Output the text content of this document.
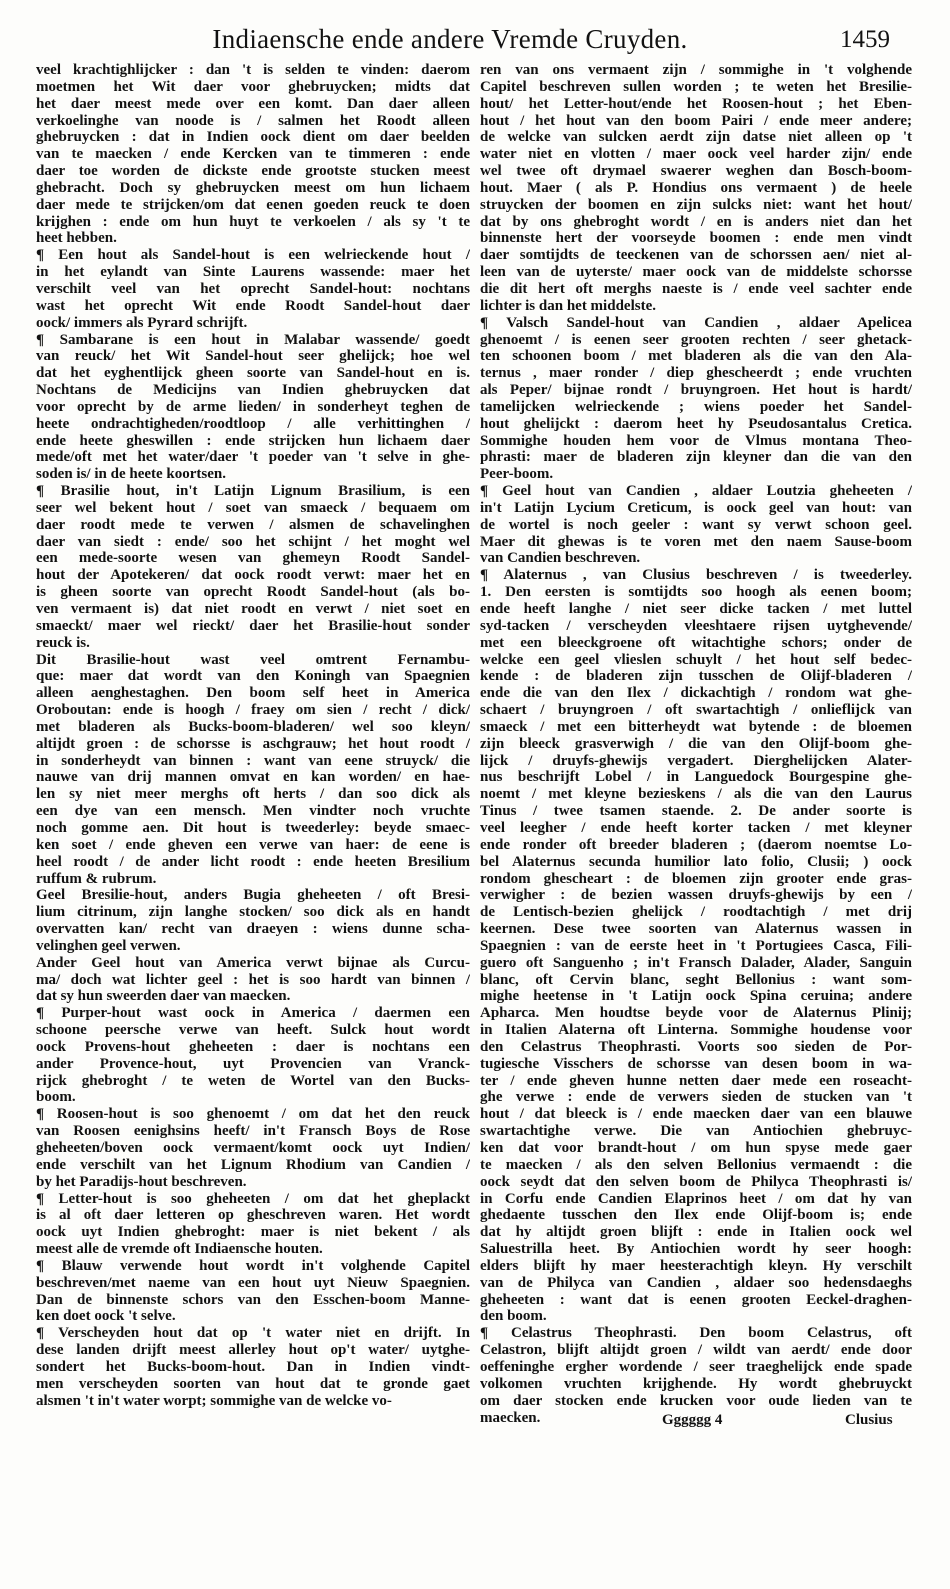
Indiaensche ende andere Vremde Cruyden.	1459
veel krachtighlijcker : dan 't is selden te vinden: daerom
moetmen het Wit daer voor ghebruycken; midts dat
het daer meest mede over een komt. Dan daer alleen
verkoelinghe van noode is / salmen het Roodt alleen
ghebruycken : dat in Indien oock dient om daer beelden
van te maecken / ende Kercken van te timmeren : ende
daer toe worden de dickste ende grootste stucken meest
ghebracht. Doch sy ghebruycken meest om hun lichaem
daer mede te strijcken/om dat eenen goeden reuck te doen
krijghen : ende om hun huyt te verkoelen / als sy 't te
heet hebben.
¶ Een hout als Sandel-hout is een welrieckende hout /
in het eylandt van Sinte Laurens wassende: maer het
verschilt veel van het oprecht Sandel-hout: nochtans
wast het oprecht Wit ende Roodt Sandel-hout daer
oock/ immers als Pyrard schrijft.
¶ Sambarane is een hout in Malabar wassende/ goedt
van reuck/ het Wit Sandel-hout seer ghelijck; hoe wel
dat het eyghentlijck gheen soorte van Sandel-hout en is.
Nochtans de Medicijns van Indien ghebruycken dat
voor oprecht by de arme lieden/ in sonderheyt teghen de
heete ondrachtigheden/roodtloop / alle verhittinghen /
ende heete gheswillen : ende strijcken hun lichaem daer
mede/oft met het water/daer 't poeder van 't selve in ghe-
soden is/ in de heete koortsen.
¶ Brasilie hout, in't Latijn Lignum Brasilium, is een
seer wel bekent hout / soet van smaeck / bequaem om
daer roodt mede te verwen / alsmen de schavelinghen
daer van siedt : ende/ soo het schijnt / het moght wel
een mede-soorte wesen van ghemeyn Roodt Sandel-
hout der Apotekeren/ dat oock roodt verwt: maer het en
is gheen soorte van oprecht Roodt Sandel-hout (als bo-
ven vermaent is) dat niet roodt en verwt / niet soet en
smaeckt/ maer wel rieckt/ daer het Brasilie-hout sonder
reuck is.
Dit Brasilie-hout wast veel omtrent Fernambu-
que: maer dat wordt van den Koningh van Spaegnien
alleen aenghestaghen. Den boom self heet in America
Oroboutan: ende is hoogh / fraey om sien / recht / dick/
met bladeren als Bucks-boom-bladeren/ wel soo kleyn/
altijdt groen : de schorsse is aschgrauw; het hout roodt /
in sonderheydt van binnen : want van eene struyck/ die
nauwe van drij mannen omvat en kan worden/ en hae-
len sy niet meer merghs oft herts / dan soo dick als
een dye van een mensch. Men vindter noch vruchte
noch gomme aen. Dit hout is tweederley: beyde smaec-
ken soet / ende gheven een verwe van haer: de eene is
heel roodt / de ander licht roodt : ende heeten Bresilium
ruffum & rubrum.
Geel Bresilie-hout, anders Bugia gheheeten / oft Bresi-
lium citrinum, zijn langhe stocken/ soo dick als en handt
overvatten kan/ recht van draeyen : wiens dunne scha-
velinghen geel verwen.
Ander Geel hout van America verwt bijnae als Curcu-
ma/ doch wat lichter geel : het is soo hardt van binnen /
dat sy hun sweerden daer van maecken.
¶ Purper-hout wast oock in America / daermen een
schoone peersche verwe van heeft. Sulck hout wordt
oock Provens-hout gheheeten : daer is nochtans een
ander Provence-hout, uyt Provencien van Vranck-
rijck ghebroght / te weten de Wortel van den Bucks-
boom.
¶ Roosen-hout is soo ghenoemt / om dat het den reuck
van Roosen eenighsins heeft/ in't Fransch Boys de Rose
gheheeten/boven oock vermaent/komt oock uyt Indien/
ende verschilt van het Lignum Rhodium van Candien /
by het Paradijs-hout beschreven.
¶ Letter-hout is soo gheheeten / om dat het gheplackt
is al oft daer letteren op gheschreven waren. Het wordt
oock uyt Indien ghebroght: maer is niet bekent / als
meest alle de vremde oft Indiaensche houten.
¶ Blauw verwende hout wordt in't volghende Capitel
beschreven/met naeme van een hout uyt Nieuw Spaegnien.
Dan de binnenste schors van den Esschen-boom Manne-
ken doet oock 't selve.
¶ Verscheyden hout dat op 't water niet en drijft. In
dese landen drijft meest allerley hout op't water/ uytghe-
sondert het Bucks-boom-hout. Dan in Indien vindt-
men verscheyden soorten van hout dat te gronde gaet
alsmen 't in't water worpt; sommighe van de welcke vo-
ren van ons vermaent zijn / sommighe in 't volghende
Capitel beschreven sullen worden ; te weten het Bresilie-
hout/ het Letter-hout/ende het Roosen-hout ; het Eben-
hout / het hout van den boom Pairi / ende meer andere;
de welcke van sulcken aerdt zijn datse niet alleen op 't
water niet en vlotten / maer oock veel harder zijn/ ende
wel twee oft drymael swaerer weghen dan Bosch-boom-
hout. Maer ( als P. Hondius ons vermaent ) de heele
struycken der boomen en zijn sulcks niet: want het hout/
dat by ons ghebroght wordt / en is anders niet dan het
binnenste hert der voorseyde boomen : ende men vindt
daer somtijdts de teeckenen van de schorssen aen/ niet al-
leen van de uyterste/ maer oock van de middelste schorsse
die dit hert oft merghs naeste is / ende veel sachter ende
lichter is dan het middelste.
¶ Valsch Sandel-hout van Candien , aldaer Apelicea
ghenoemt / is eenen seer grooten rechten / seer ghetack-
ten schoonen boom / met bladeren als die van den Ala-
ternus , maer ronder / diep ghescheerdt ; ende vruchten
als Peper/ bijnae rondt / bruyngroen. Het hout is hardt/
tamelijcken welrieckende ; wiens poeder het Sandel-
hout ghelijckt : daerom heet hy Pseudosantalus Cretica.
Sommighe houden hem voor de Vlmus montana Theo-
phrasti: maer de bladeren zijn kleyner dan die van den
Peer-boom.
¶ Geel hout van Candien , aldaer Loutzia gheheeten /
in't Latijn Lycium Creticum, is oock geel van hout: van
de wortel is noch geeler : want sy verwt schoon geel.
Maer dit ghewas is te voren met den naem Sause-boom
van Candien beschreven.
¶ Alaternus , van Clusius beschreven / is tweederley.
1. Den eersten is somtijdts soo hoogh als eenen boom;
ende heeft langhe / niet seer dicke tacken / met luttel
syd-tacken / verscheyden vleeshtaere rijsen uytghevende/
met een bleeckgroene oft witachtighe schors; onder de
welcke een geel vlieslen schuylt / het hout self bedec-
kende : de bladeren zijn tusschen de Olijf-bladeren /
ende die van den Ilex / dickachtigh / rondom wat ghe-
schaert / bruyngroen / oft swartachtigh / onlieflijck van
smaeck / met een bitterheydt wat bytende : de bloemen
zijn bleeck grasverwigh / die van den Olijf-boom ghe-
lijck / druyfs-ghewijs vergadert. Dierghelijcken Alater-
nus beschrijft Lobel / in Languedock Bourgespine ghe-
noemt / met kleyne bezieskens / als die van den Laurus
Tinus / twee tsamen staende. 2. De ander soorte is
veel leegher / ende heeft korter tacken / met kleyner
ende ronder oft breeder bladeren ; (daerom noemtse Lo-
bel Alaternus secunda humilior lato folio, Clusii; ) oock
rondom ghescheart : de bloemen zijn grooter ende gras-
verwigher : de bezien wassen druyfs-ghewijs by een /
de Lentisch-bezien ghelijck / roodtachtigh / met drij
keernen. Dese twee soorten van Alaternus wassen in
Spaegnien : van de eerste heet in 't Portugiees Casca, Fili-
guero oft Sanguenho ; in't Fransch Dalader, Alader, Sanguin
blanc, oft Cervin blanc, seght Bellonius : want som-
mighe heetense in 't Latijn oock Spina ceruina; andere
Apharca. Men houdtse beyde voor de Alaternus Plinij;
in Italien Alaterna oft Linterna. Sommighe houdense voor
den Celastrus Theophrasti. Voorts soo sieden de Por-
tugiesche Visschers de schorsse van desen boom in wa-
ter / ende gheven hunne netten daer mede een roseacht-
ghe verwe : ende de verwers sieden de stucken van 't
hout / dat bleeck is / ende maecken daer van een blauwe
swartachtighe verwe. Die van Antiochien ghebruyc-
ken dat voor brandt-hout / om hun spyse mede gaer
te maecken / als den selven Bellonius vermaendt : die
oock seydt dat den selven boom de Philyca Theophrasti is/
in Corfu ende Candien Elaprinos heet / om dat hy van
ghedaente tusschen den Ilex ende Olijf-boom is; ende
dat hy altijdt groen blijft : ende in Italien oock wel
Saluestrilla heet. By Antiochien wordt hy seer hoogh:
elders blijft hy maer heesterachtigh kleyn. Hy verschilt
van de Philyca van Candien , aldaer soo hedensdaeghs
gheheeten : want dat is eenen grooten Eeckel-draghen-
den boom.
¶ Celastrus Theophrasti. Den boom Celastrus, oft
Celastron, blijft altijdt groen / wildt van aerdt/ ende door
oeffeninghe ergher wordende / seer traeghelijck ende spade
volkomen vruchten krijghende. Hy wordt ghebruyckt
om daer stocken ende krucken voor oude lieden van te
maecken.	Gggggg 4	Clusius
